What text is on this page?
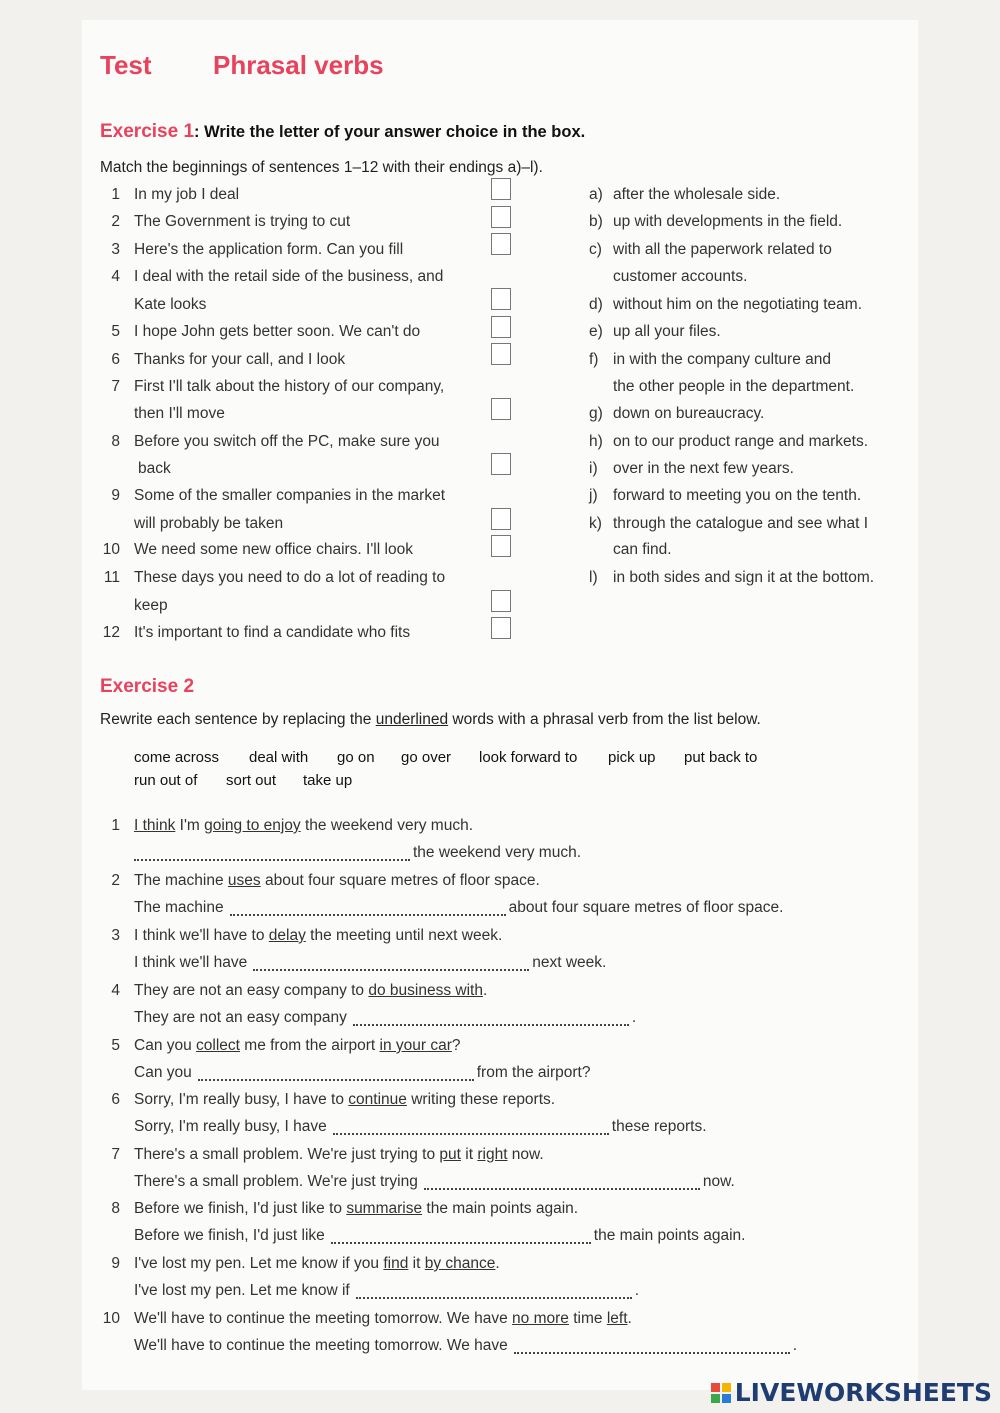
Test Phrasal verbs
Exercise 1: Write the letter of your answer choice in the box.
Match the beginnings of sentences 1–12 with their endings a)–l).
1 In my job I deal
2 The Government is trying to cut
3 Here's the application form. Can you fill
4 I deal with the retail side of the business, and
Kate looks
5 I hope John gets better soon. We can't do
6 Thanks for your call, and I look
7 First I'll talk about the history of our company,
then I'll move
8 Before you switch off the PC, make sure you
back
9 Some of the smaller companies in the market
will probably be taken
10 We need some new office chairs. I'll look
11 These days you need to do a lot of reading to
keep
12 It's important to find a candidate who fits
a) after the wholesale side.
b) up with developments in the field.
c) with all the paperwork related to
customer accounts.
d) without him on the negotiating team.
e) up all your files.
f) in with the company culture and
the other people in the department.
g) down on bureaucracy.
h) on to our product range and markets.
i) over in the next few years.
j) forward to meeting you on the tenth.
k) through the catalogue and see what I
can find.
l) in both sides and sign it at the bottom.
Exercise 2
Rewrite each sentence by replacing the underlined words with a phrasal verb from the list below.
come across deal with go on go over look forward to pick up put back to
run out of sort out take up
1 I think I'm going to enjoy the weekend very much.
the weekend very much.
2 The machine uses about four square metres of floor space.
The machine	about four square metres of floor space.
3 I think we'll have to delay the meeting until next week.
I think we'll have	next week.
4 They are not an easy company to do business with.
They are not an easy company	.
5 Can you collect me from the airport in your car?
Can you	from the airport?
6 Sorry, I'm really busy, I have to continue writing these reports.
Sorry, I'm really busy, I have	these reports.
7 There's a small problem. We're just trying to put it right now.
There's a small problem. We're just trying	now.
8 Before we finish, I'd just like to summarise the main points again.
Before we finish, I'd just like	the main points again.
9 I've lost my pen. Let me know if you find it by chance.
I've lost my pen. Let me know if	.
10 We'll have to continue the meeting tomorrow. We have no more time left.
We'll have to continue the meeting tomorrow. We have	.
LIVEWORKSHEETS
